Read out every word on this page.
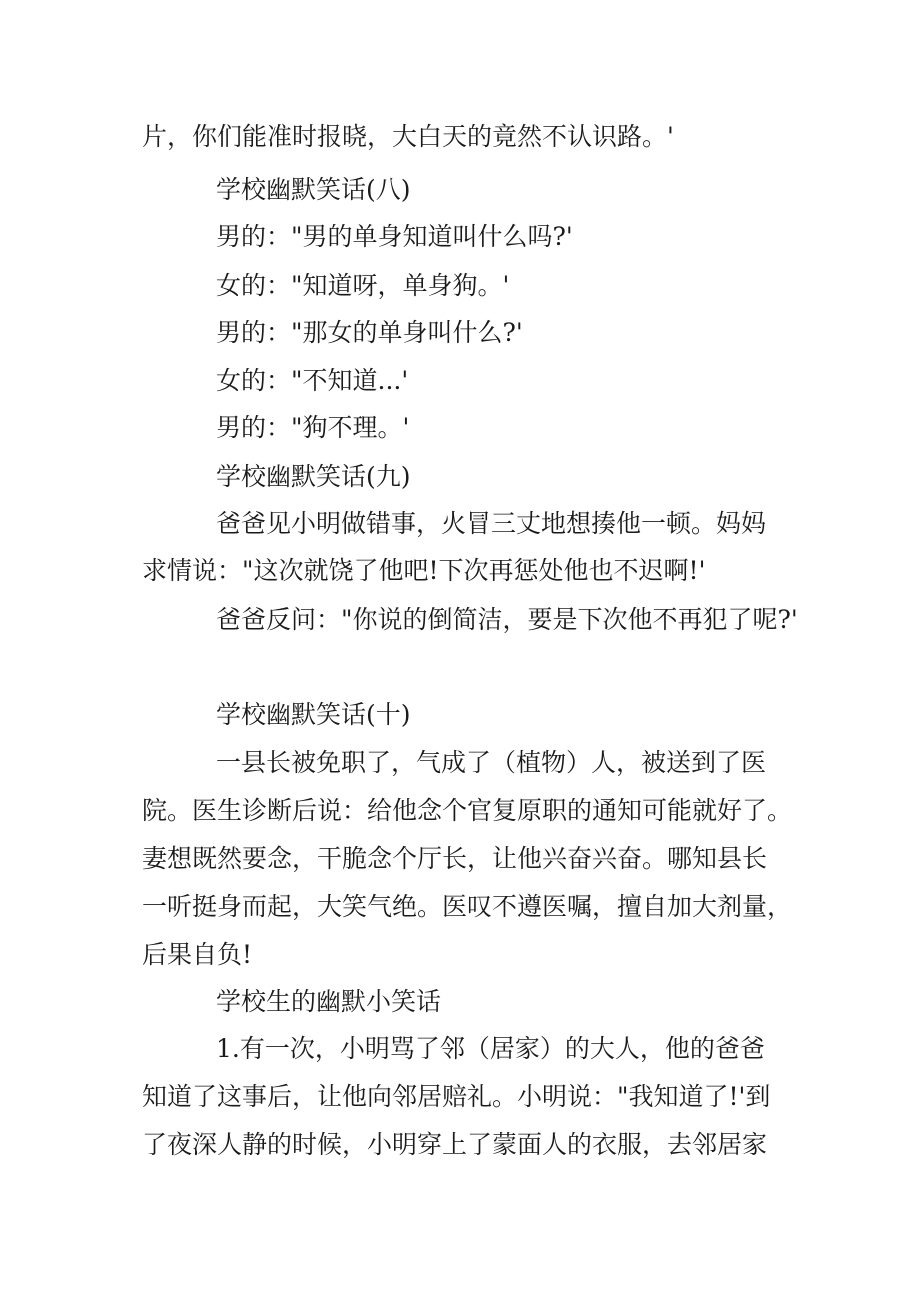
片，你们能准时报晓，大白天的竟然不认识路。'
学校幽默笑话(八)
男的："男的单身知道叫什么吗?'
女的："知道呀，单身狗。'
男的："那女的单身叫什么?'
女的："不知道...'
男的："狗不理。'
学校幽默笑话(九)
爸爸见小明做错事，火冒三丈地想揍他一顿。妈妈
求情说："这次就饶了他吧!下次再惩处他也不迟啊!'
爸爸反问："你说的倒简洁，要是下次他不再犯了呢?'
学校幽默笑话(十)
一县长被免职了，气成了（植物）人，被送到了医
院。医生诊断后说：给他念个官复原职的通知可能就好了。
妻想既然要念，干脆念个厅长，让他兴奋兴奋。哪知县长
一听挺身而起，大笑气绝。医叹不遵医嘱，擅自加大剂量，
后果自负!
学校生的幽默小笑话
1.有一次，小明骂了邻（居家）的大人，他的爸爸
知道了这事后，让他向邻居赔礼。小明说："我知道了!'到
了夜深人静的时候，小明穿上了蒙面人的衣服，去邻居家
